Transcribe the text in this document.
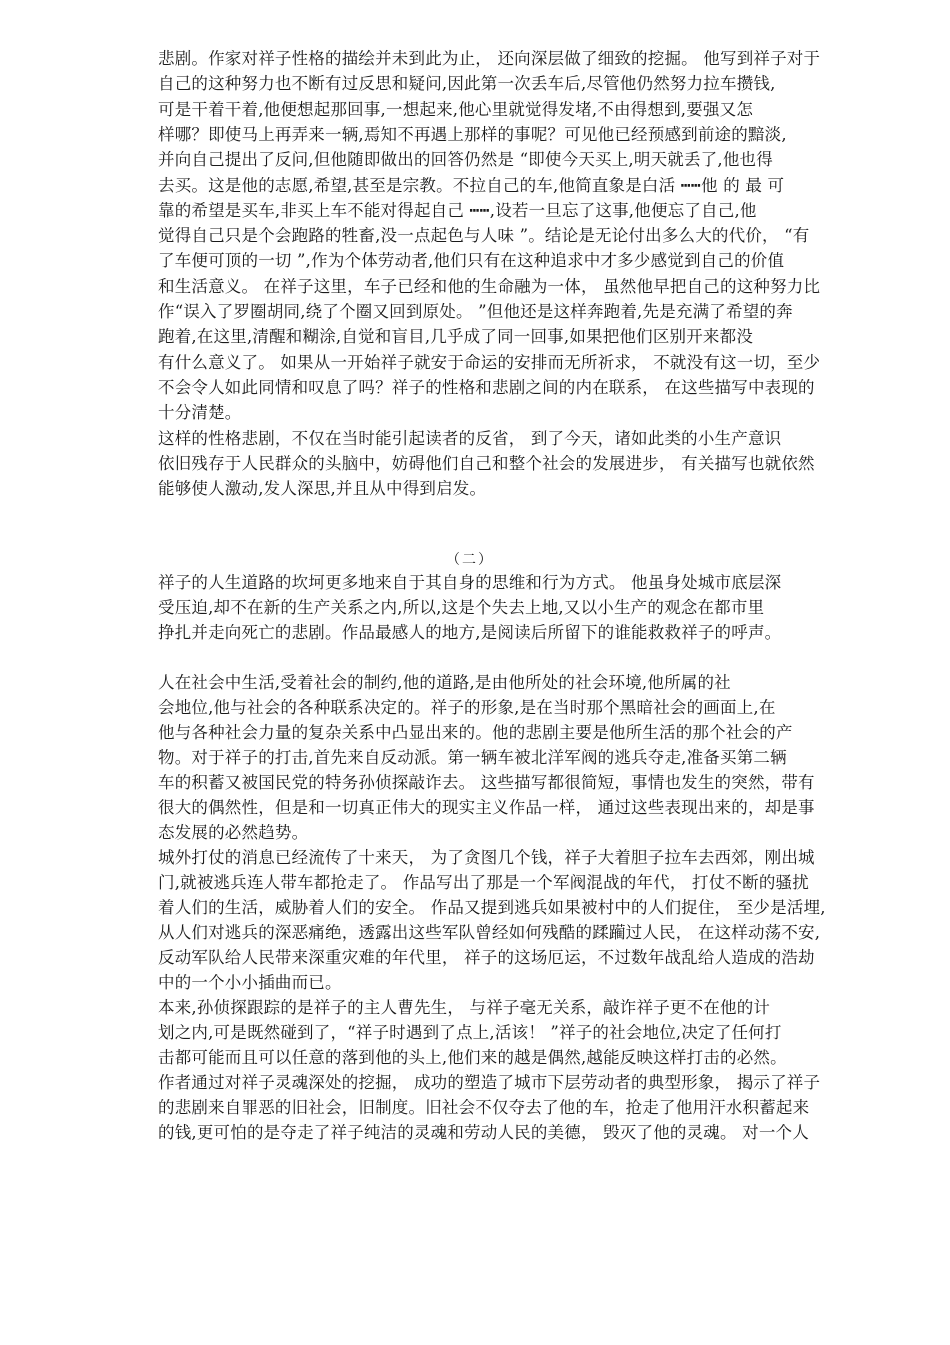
悲剧。作家对祥子性格的描绘并未到此为止， 还向深层做了细致的挖掘。 他写到祥子对于
自己的这种努力也不断有过反思和疑问,因此第一次丢车后,尽管他仍然努力拉车攒钱,
可是干着干着,他便想起那回事,一想起来,他心里就觉得发堵,不由得想到,要强又怎
样哪？即使马上再弄来一辆,焉知不再遇上那样的事呢？可见他已经预感到前途的黯淡,
并向自己提出了反问,但他随即做出的回答仍然是 “即使今天买上,明天就丢了,他也得
去买。这是他的志愿,希望,甚至是宗教。不拉自己的车,他简直象是白活 ┅┅他 的 最 可
靠的希望是买车,非买上车不能对得起自己 ┅┅,设若一旦忘了这事,他便忘了自己,他
觉得自己只是个会跑路的牲畜,没一点起色与人味 ”。结论是无论付出多么大的代价， “有
了车便可顶的一切 ”,作为个体劳动者,他们只有在这种追求中才多少感觉到自己的价值
和生活意义。 在祥子这里，车子已经和他的生命融为一体， 虽然他早把自己的这种努力比
作“误入了罗圈胡同,绕了个圈又回到原处。 ”但他还是这样奔跑着,先是充满了希望的奔
跑着,在这里,清醒和糊涂,自觉和盲目,几乎成了同一回事,如果把他们区别开来都没
有什么意义了。 如果从一开始祥子就安于命运的安排而无所祈求， 不就没有这一切，至少
不会令人如此同情和叹息了吗？祥子的性格和悲剧之间的内在联系， 在这些描写中表现的
十分清楚。
这样的性格悲剧，不仅在当时能引起读者的反省， 到了今天，诸如此类的小生产意识
依旧残存于人民群众的头脑中，妨碍他们自己和整个社会的发展进步， 有关描写也就依然
能够使人激动,发人深思,并且从中得到启发。
（二）
祥子的人生道路的坎坷更多地来自于其自身的思维和行为方式。 他虽身处城市底层深
受压迫,却不在新的生产关系之内,所以,这是个失去上地,又以小生产的观念在都市里
挣扎并走向死亡的悲剧。作品最感人的地方,是阅读后所留下的谁能救救祥子的呼声。
人在社会中生活,受着社会的制约,他的道路,是由他所处的社会环境,他所属的社
会地位,他与社会的各种联系决定的。祥子的形象,是在当时那个黑暗社会的画面上,在
他与各种社会力量的复杂关系中凸显出来的。他的悲剧主要是他所生活的那个社会的产
物。对于祥子的打击,首先来自反动派。第一辆车被北洋军阀的逃兵夺走,准备买第二辆
车的积蓄又被国民党的特务孙侦探敲诈去。 这些描写都很简短，事情也发生的突然，带有
很大的偶然性，但是和一切真正伟大的现实主义作品一样， 通过这些表现出来的，却是事
态发展的必然趋势。
城外打仗的消息已经流传了十来天， 为了贪图几个钱，祥子大着胆子拉车去西郊，刚出城
门,就被逃兵连人带车都抢走了。 作品写出了那是一个军阀混战的年代， 打仗不断的骚扰
着人们的生活，威胁着人们的安全。 作品又提到逃兵如果被村中的人们捉住， 至少是活埋,
从人们对逃兵的深恶痛绝，透露出这些军队曾经如何残酷的蹂躏过人民， 在这样动荡不安,
反动军队给人民带来深重灾难的年代里， 祥子的这场厄运，不过数年战乱给人造成的浩劫
中的一个小小插曲而已。
本来,孙侦探跟踪的是祥子的主人曹先生， 与祥子毫无关系，敲诈祥子更不在他的计
划之内,可是既然碰到了，“祥子时遇到了点上,活该！ ”祥子的社会地位,决定了任何打
击都可能而且可以任意的落到他的头上,他们来的越是偶然,越能反映这样打击的必然。
作者通过对祥子灵魂深处的挖掘， 成功的塑造了城市下层劳动者的典型形象， 揭示了祥子
的悲剧来自罪恶的旧社会，旧制度。旧社会不仅夺去了他的车，抢走了他用汗水积蓄起来
的钱,更可怕的是夺走了祥子纯洁的灵魂和劳动人民的美德， 毁灭了他的灵魂。 对一个人
